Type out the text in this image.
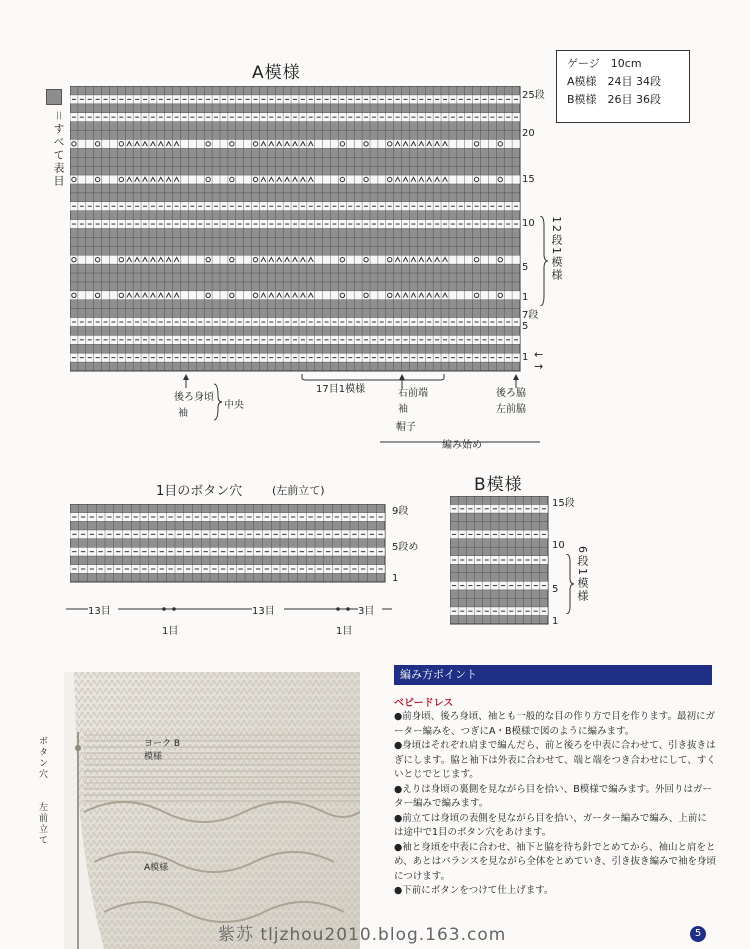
A模様	ゲージ　10cm
A模様　24目 34段
B模様　26目 36段
＝すべて表目
25段
20
15
10
5
1
7段
5
1 ←
→
12段1模様
後ろ身頃
袖
中央
17目1模様	右前端
袖
帽子
後ろ脇
左前脇
編み始め
1目のボタン穴	(左前立て)
9段
5段め
1
13目	13目	3目
1目	1目
B模様
15段
10
5
1
6段1模様
ボタン穴
左前立て
ヨーク B模様
A模様
編み方ポイント
ベビードレス

●前身頃、後ろ身頃、袖とも一般的な目の作り方で目を作ります。最初にガーター編みを、つぎにA・B模様で図のように編みます。

●身頃はそれぞれ肩まで編んだら、前と後ろを中表に合わせて、引き抜きはぎにします。脇と袖下は外表に合わせて、端と端をつき合わせにして、すくいとじでとじます。

●えりは身頃の裏側を見ながら目を拾い、B模様で編みます。外回りはガーター編みで編みます。

●前立ては身頃の表側を見ながら目を拾い、ガーター編みで編み、上前には途中で1目のボタン穴をあけます。

●袖と身頃を中表に合わせ、袖下と脇を待ち針でとめてから、袖山と肩をとめ、あとはバランスを見ながら全体をとめていき、引き抜き編みで袖を身頃につけます。

●下前にボタンをつけて仕上げます。

紫苏 tljzhou2010.blog.163.com	5
